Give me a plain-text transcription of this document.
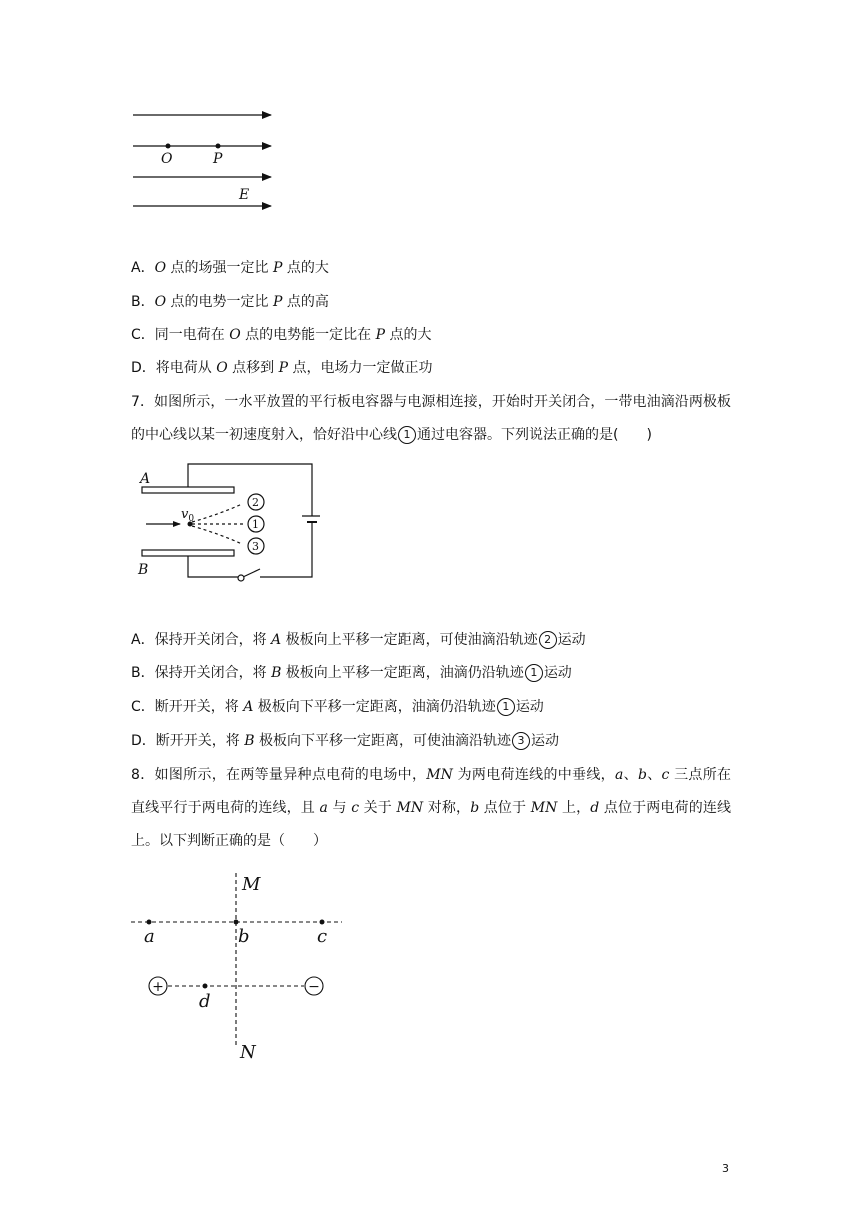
O	P
E
A．O 点的场强一定比 P 点的大
B．O 点的电势一定比 P 点的高
C．同一电荷在 O 点的电势能一定比在 P 点的大
D．将电荷从 O 点移到 P 点，电场力一定做正功
7．如图所示，一水平放置的平行板电容器与电源相连接，开始时开关闭合，一带电油滴沿两极板的中心线以某一初速度射入，恰好沿中心线 1 通过电容器。下列说法正确的是(　　)
A
B
$v_0$
2
1
3
A．保持开关闭合，将 A 极板向上平移一定距离，可使油滴沿轨迹 2 运动
B．保持开关闭合，将 B 极板向上平移一定距离，油滴仍沿轨迹 1 运动
C．断开开关，将 A 极板向下平移一定距离，油滴仍沿轨迹 1 运动
D．断开开关，将 B 极板向下平移一定距离，可使油滴沿轨迹 3 运动
8．如图所示，在两等量异种点电荷的电场中，MN 为两电荷连线的中垂线，a、b、c 三点所在直线平行于两电荷的连线，且 a 与 c 关于 MN 对称，b 点位于 MN 上，d 点位于两电荷的连线上。以下判断正确的是（　　）
+	−
M
N
a	b	c
d
3
